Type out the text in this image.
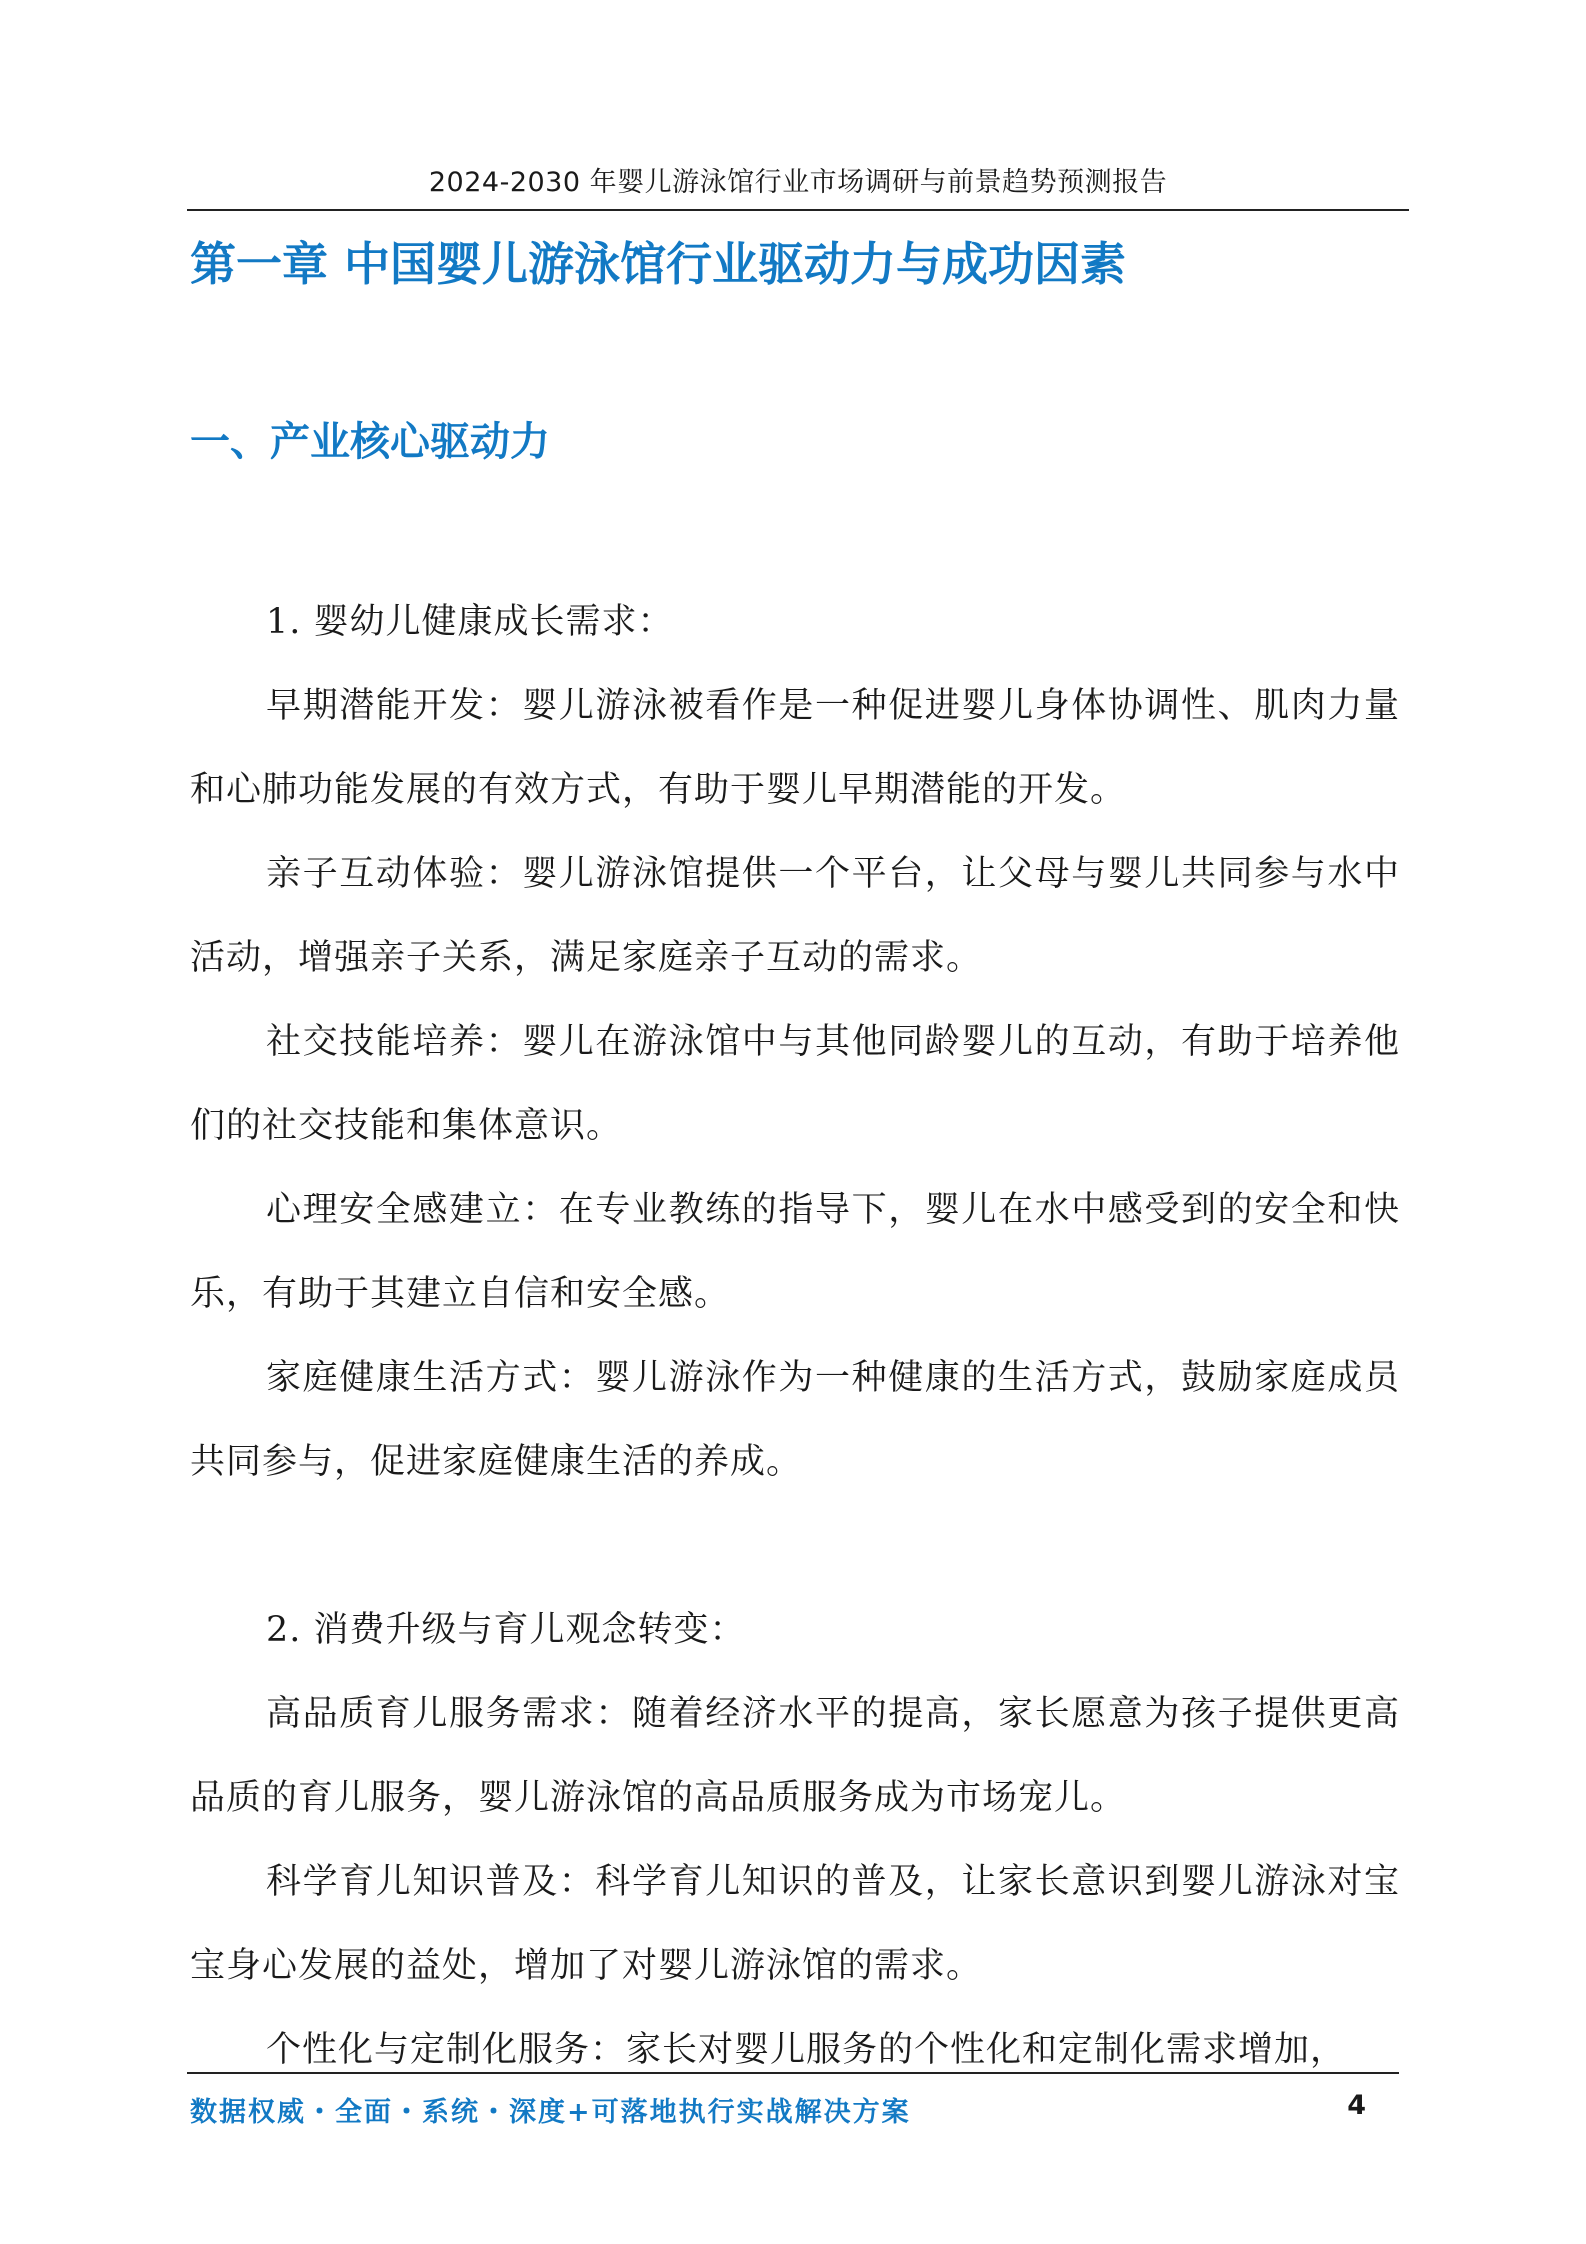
2024-2030 年婴儿游泳馆行业市场调研与前景趋势预测报告
第一章 中国婴儿游泳馆行业驱动力与成功因素
一、产业核心驱动力

1. 婴幼儿健康成长需求：

早期潜能开发：婴儿游泳被看作是一种促进婴儿身体协调性、肌肉力量和心肺功能发展的有效方式，有助于婴儿早期潜能的开发。

亲子互动体验：婴儿游泳馆提供一个平台，让父母与婴儿共同参与水中活动，增强亲子关系，满足家庭亲子互动的需求。

社交技能培养：婴儿在游泳馆中与其他同龄婴儿的互动，有助于培养他们的社交技能和集体意识。

心理安全感建立：在专业教练的指导下，婴儿在水中感受到的安全和快乐，有助于其建立自信和安全感。

家庭健康生活方式：婴儿游泳作为一种健康的生活方式，鼓励家庭成员共同参与，促进家庭健康生活的养成。

2. 消费升级与育儿观念转变：

高品质育儿服务需求：随着经济水平的提高，家长愿意为孩子提供更高品质的育儿服务，婴儿游泳馆的高品质服务成为市场宠儿。

科学育儿知识普及：科学育儿知识的普及，让家长意识到婴儿游泳对宝宝身心发展的益处，增加了对婴儿游泳馆的需求。

个性化与定制化服务：家长对婴儿服务的个性化和定制化需求增加，

数据权威・全面・系统・深度+可落地执行实战解决方案	4
